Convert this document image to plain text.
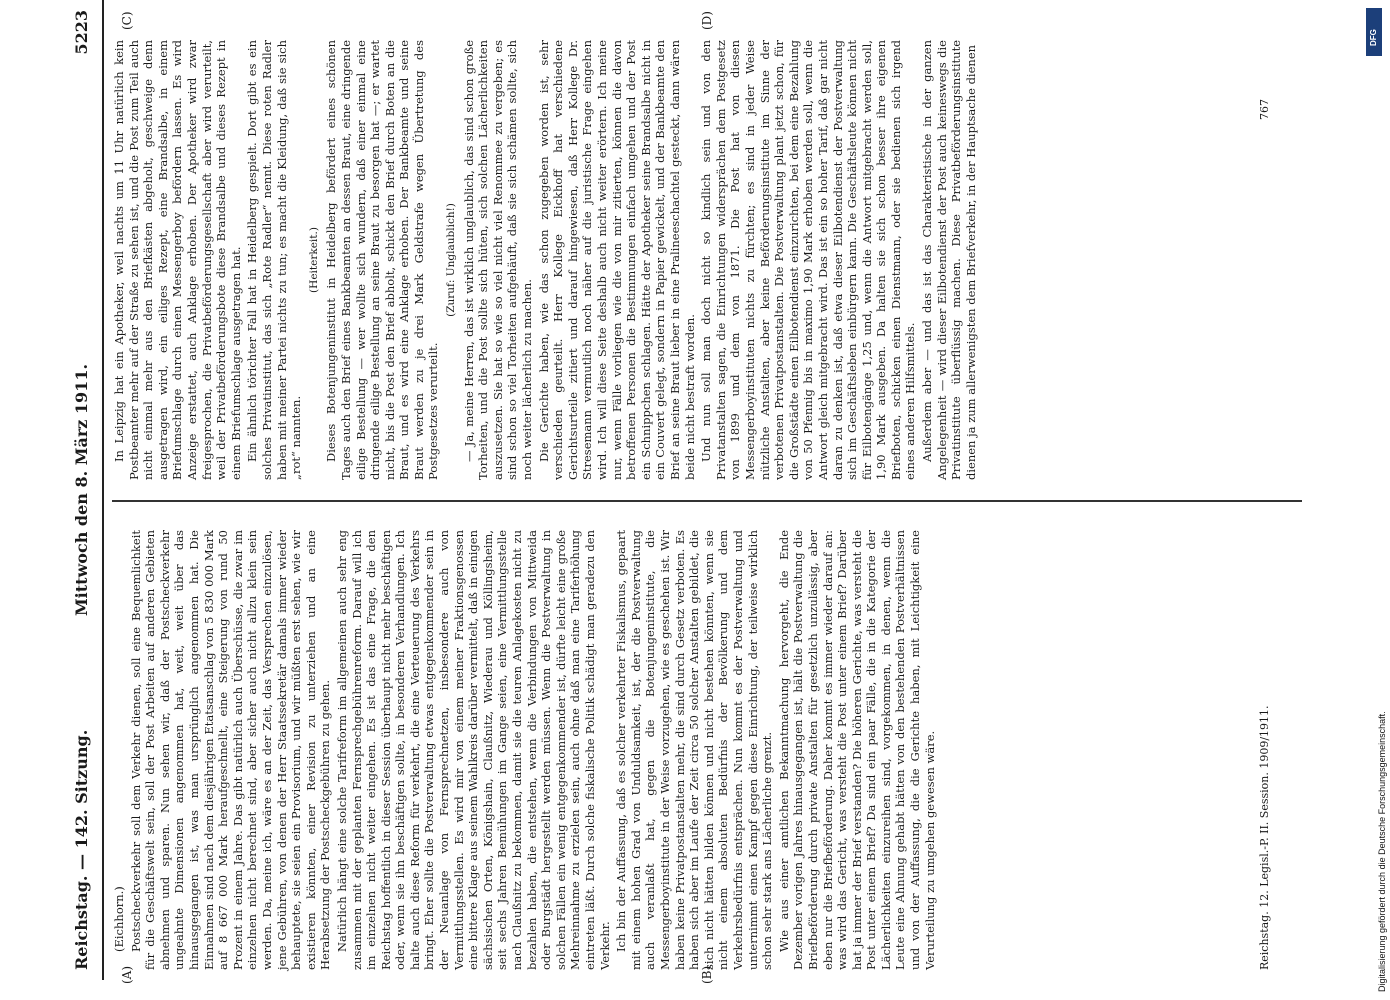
Reichstag. — 142. Sitzung.
Mittwoch den 8. März 1911.
5223
(A)	(B)
(C)	(D)

(Eichhorn.) Postscheckverkehr soll dem Verkehr dienen, soll eine Bequemlichkeit für die Geschäftswelt sein, soll der Post Arbeiten auf anderen Gebieten abnehmen und sparen. Nun sehen wir, daß der Postscheckverkehr ungeahnte Dimensionen angenommen hat, weit, weit über das hinausgegangen ist, was man ursprünglich angenommen hat. Die Einnahmen sind nach dem diesjährigen Etatsanschlag von 5 830 000 Mark auf 8 667 000 Mark heraufgeschnellt, eine Steigerung von rund 50 Prozent in einem Jahre. Das gibt natürlich auch Überschüsse, die zwar im einzelnen nicht berechnet sind, aber sicher auch nicht allzu klein sein werden. Da, meine ich, wäre es an der Zeit, das Versprechen einzulösen, jene Gebühren, von denen der Herr Staatssekretär damals immer wieder behauptete, sie seien ein Provisorium, und wir müßten erst sehen, wie wir existieren könnten, einer Revision zu unterziehen und an eine Herabsetzung der Postscheckgebühren zu gehen. Natürlich hängt eine solche Tarifreform im allgemeinen auch sehr eng zusammen mit der geplanten Fernsprechgebührenreform. Darauf will ich im einzelnen nicht weiter eingehen. Es ist das eine Frage, die den Reichstag hoffentlich in dieser Session überhaupt nicht mehr beschäftigen oder, wenn sie ihn beschäftigen sollte, in besonderen Verhandlungen. Ich halte auch diese Reform für verkehrt, die eine Verteuerung des Verkehrs bringt. Eher sollte die Postverwaltung etwas entgegenkommender sein in der Neuanlage von Fernsprechnetzen, insbesondere auch von Vermittlungsstellen. Es wird mir von einem meiner Fraktionsgenossen eine bittere Klage aus seinem Wahlkreis darüber vermittelt, daß in einigen sächsischen Orten, Königshain, Claußnitz, Wiederau und Köllingsheim, seit sechs Jahren Bemühungen im Gange seien, eine Vermittlungsstelle nach Claußnitz zu bekommen, damit sie die teuren Anlagekosten nicht zu bezahlen haben, die entstehen, wenn die Verbindungen von Mittweida oder Burgstädt hergestellt werden müssen. Wenn die Postverwaltung in solchen Fällen ein wenig entgegenkommender ist, dürfte leicht eine große Mehreinnahme zu erzielen sein, auch ohne daß man eine Tariferhöhung eintreten läßt. Durch solche fiskalische Politik schädigt man geradezu den Verkehr. Ich bin der Auffassung, daß es solcher verkehrter Fiskalismus, gepaart mit einem hohen Grad von Unduldsamkeit, ist, der die Postverwaltung auch veranlaßt hat, gegen die Botenjungeninstitute, die Messengerboyinstitute in der Weise vorzugehen, wie es geschehen ist. Wir haben keine Privatpostanstalten mehr, die sind durch Gesetz verboten. Es haben sich aber im Laufe der Zeit circa 50 solcher Anstalten gebildet, die sich nicht hätten bilden können und nicht bestehen könnten, wenn sie nicht einem absoluten Bedürfnis der Bevölkerung und dem Verkehrsbedürfnis entsprächen. Nun kommt es der Postverwaltung und unternimmt einen Kampf gegen diese Einrichtung, der teilweise wirklich schon sehr stark ans Lächerliche grenzt. Wie aus einer amtlichen Bekanntmachung hervorgeht, die Ende Dezember vorigen Jahres hinausgegangen ist, hält die Postverwaltung die Briefbeförderung durch private Anstalten für gesetzlich unzulässig, aber eben nur die Briefbeförderung. Daher kommt es immer wieder darauf an: was wird das Gericht, was versteht die Post unter einem Brief? Darüber hat ja immer der Brief verstanden? Die höheren Gerichte, was versteht die Post unter einem Brief? Da sind ein paar Fälle, die in die Kategorie der Lächerlichkeiten einzureihen sind, vorgekommen, in denen, wenn die Leute eine Ahnung gehabt hätten von den bestehenden Postverhältnissen und von der Auffassung, die die Gerichte haben, mit Leichtigkeit eine Verurteilung zu umgehen gewesen wäre.

In Leipzig hat ein Apotheker, weil nachts um 11 Uhr natürlich kein Postbeamter mehr auf der Straße zu sehen ist, und die Post zum Teil auch nicht einmal mehr aus den Briefkästen abgeholt, geschweige denn ausgetragen wird, ein eiliges Rezept, eine Brandsalbe, in einem Briefumschlage durch einen Messengerboy befördern lassen. Es wird Anzeige erstattet, auch Anklage erhoben. Der Apotheker wird zwar freigesprochen, die Privatbeförderungsgesellschaft aber wird verurteilt, weil der Privatbeförderungsbote diese Brandsalbe und dieses Rezept in einem Briefumschlage ausgetragen hat. Ein ähnlich törichter Fall hat in Heidelberg gespielt. Dort gibt es ein solches Privatinstitut, das sich „Rote Radler“ nennt. Diese roten Radler haben mit meiner Partei nichts zu tun; es macht die Kleidung, daß sie sich „rot“ nannten.

(Heiterkeit.) Dieses Botenjungeninstitut in Heidelberg befördert eines schönen Tages auch den Brief eines Bankbeamten an dessen Braut, eine dringende eilige Bestellung — wer wollte sich wundern, daß einer einmal eine dringende eilige Bestellung an seine Braut zu besorgen hat —; er wartet nicht, bis die Post den Brief abholt, schickt den Brief durch Boten an die Braut, und es wird eine Anklage erhoben. Der Bankbeamte und seine Braut werden zu je drei Mark Geldstrafe wegen Übertretung des Postgesetzes verurteilt.

(Zuruf: Unglaublich!) — Ja, meine Herren, das ist wirklich unglaublich, das sind schon große Torheiten, und die Post sollte sich hüten, sich solchen Lächerlichkeiten auszusetzen. Sie hat so wie so viel nicht viel Renommee zu vergeben; es sind schon so viel Torheiten aufgehäuft, daß sie sich schämen sollte, sich noch weiter lächerlich zu machen. Die Gerichte haben, wie das schon zugegeben worden ist, sehr verschieden geurteilt. Herr Kollege Eickhoff hat verschiedene Gerichtsurteile zitiert und darauf hingewiesen, daß Herr Kollege Dr. Stresemann vermutlich noch näher auf die juristische Frage eingehen wird. Ich will diese Seite deshalb auch nicht weiter erörtern. Ich meine nur, wenn Fälle vorliegen wie die von mir zitierten, können die davon betroffenen Personen die Bestimmungen einfach umgehen und der Post ein Schnippchen schlagen. Hätte der Apotheker seine Brandsalbe nicht in ein Couvert gelegt, sondern in Papier gewickelt, und der Bankbeamte den Brief an seine Braut lieber in eine Pralineeschachtel gesteckt, dann wären beide nicht bestraft worden. Und nun soll man doch nicht so kindlich sein und von den Privatanstalten sagen, die Einrichtungen widersprächen dem Postgesetz von 1899 und dem von 1871. Die Post hat von diesen Messengerboyinstituten nichts zu fürchten; es sind in jeder Weise nützliche Anstalten, aber keine Beförderungsinstitute im Sinne der verbotenen Privatpostanstalten. Die Postverwaltung plant jetzt schon, für die Großstädte einen Eilbotendienst einzurichten, bei dem eine Bezahlung von 50 Pfennig bis in maximo 1,90 Mark erhoben werden soll, wenn die Antwort gleich mitgebracht wird. Das ist ein so hoher Tarif, daß gar nicht daran zu denken ist, daß etwa dieser Eilbotendienst der Postverwaltung sich im Geschäftsleben einbürgern kann. Die Geschäftsleute können nicht für Eilbotengänge 1,25 und, wenn die Antwort mitgebracht werden soll, 1,90 Mark ausgeben. Da halten sie sich schon besser ihre eigenen Briefboten, schicken einen Dienstmann, oder sie bedienen sich irgend eines anderen Hilfsmittels. Außerdem aber — und das ist das Charakteristische in der ganzen Angelegenheit — wird dieser Eilbotendienst der Post auch keineswegs die Privatinstitute überflüssig machen. Diese Privatbeförderungsinstitute dienen ja zum allerwenigsten dem Briefverkehr, in der Hauptsache dienen

Reichstag. 12. Legisl.-P. II. Session. 1909/1911.
767
DFG
Digitalisierung gefördert durch die Deutsche Forschungsgemeinschaft.
